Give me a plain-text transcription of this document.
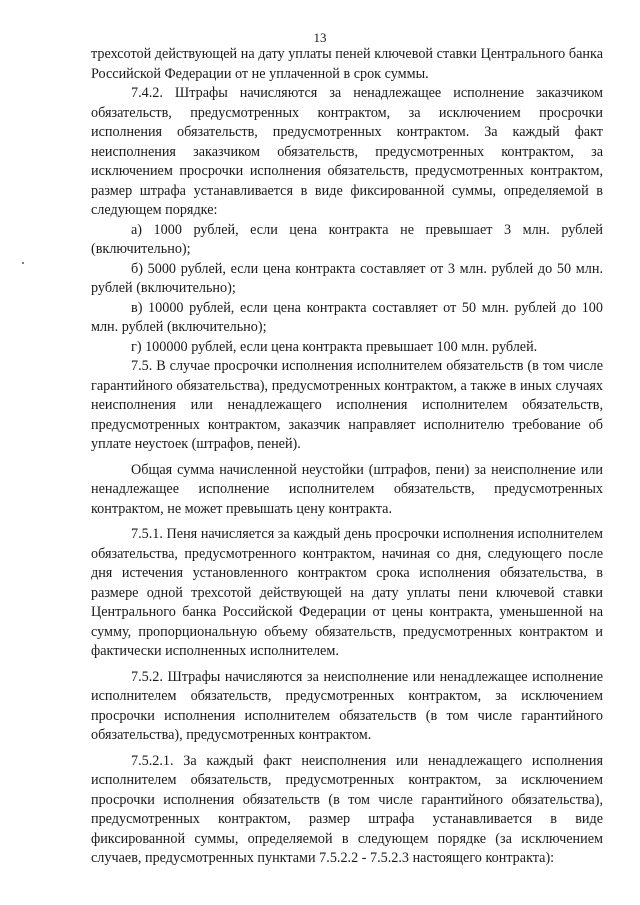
13

трехсотой действующей на дату уплаты пеней ключевой ставки Центрального банка Российской Федерации от не уплаченной в срок суммы.

7.4.2. Штрафы начисляются за ненадлежащее исполнение заказчиком обязательств, предусмотренных контрактом, за исключением просрочки исполнения обязательств, предусмотренных контрактом. За каждый факт неисполнения заказчиком обязательств, предусмотренных контрактом, за исключением просрочки исполнения обязательств, предусмотренных контрактом, размер штрафа устанавливается в виде фиксированной суммы, определяемой в следующем порядке:

а) 1000 рублей, если цена контракта не превышает 3 млн. рублей (включительно);

б) 5000 рублей, если цена контракта составляет от 3 млн. рублей до 50 млн. рублей (включительно);

в) 10000 рублей, если цена контракта составляет от 50 млн. рублей до 100 млн. рублей (включительно);

г) 100000 рублей, если цена контракта превышает 100 млн. рублей.

7.5. В случае просрочки исполнения исполнителем обязательств (в том числе гарантийного обязательства), предусмотренных контрактом, а также в иных случаях неисполнения или ненадлежащего исполнения исполнителем обязательств, предусмотренных контрактом, заказчик направляет исполнителю требование об уплате неустоек (штрафов, пеней).

Общая сумма начисленной неустойки (штрафов, пени) за неисполнение или ненадлежащее исполнение исполнителем обязательств, предусмотренных контрактом, не может превышать цену контракта.

7.5.1. Пеня начисляется за каждый день просрочки исполнения исполнителем обязательства, предусмотренного контрактом, начиная со дня, следующего после дня истечения установленного контрактом срока исполнения обязательства, в размере одной трехсотой действующей на дату уплаты пени ключевой ставки Центрального банка Российской Федерации от цены контракта, уменьшенной на сумму, пропорциональную объему обязательств, предусмотренных контрактом и фактически исполненных исполнителем.

7.5.2. Штрафы начисляются за неисполнение или ненадлежащее исполнение исполнителем обязательств, предусмотренных контрактом, за исключением просрочки исполнения исполнителем обязательств (в том числе гарантийного обязательства), предусмотренных контрактом.

7.5.2.1. За каждый факт неисполнения или ненадлежащего исполнения исполнителем обязательств, предусмотренных контрактом, за исключением просрочки исполнения обязательств (в том числе гарантийного обязательства), предусмотренных контрактом, размер штрафа устанавливается в виде фиксированной суммы, определяемой в следующем порядке (за исключением случаев, предусмотренных пунктами 7.5.2.2 - 7.5.2.3 настоящего контракта):
